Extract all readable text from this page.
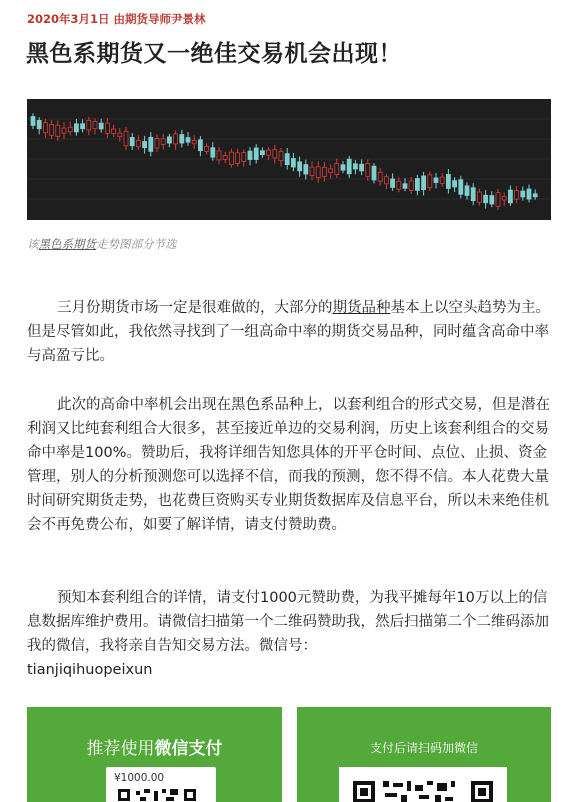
2020年3月1日 由期货导师尹景林
黑色系期货又一绝佳交易机会出现！
该黑色系期货走势图部分节选
三月份期货市场一定是很难做的，大部分的期货品种基本上以空头趋势为主。但是尽管如此，我依然寻找到了一组高命中率的期货交易品种，同时蕴含高命中率与高盈亏比。
此次的高命中率机会出现在黑色系品种上，以套利组合的形式交易，但是潜在利润又比纯套利组合大很多，甚至接近单边的交易利润，历史上该套利组合的交易命中率是100%。赞助后，我将详细告知您具体的开平仓时间、点位、止损、资金管理，别人的分析预测您可以选择不信，而我的预测，您不得不信。本人花费大量时间研究期货走势，也花费巨资购买专业期货数据库及信息平台，所以未来绝佳机会不再免费公布，如要了解详情，请支付赞助费。
预知本套利组合的详情，请支付1000元赞助费，为我平摊每年10万以上的信息数据库维护费用。请微信扫描第一个二维码赞助我，然后扫描第二个二维码添加我的微信，我将亲自告知交易方法。微信号：
tianjiqihuopeixun
推荐使用微信支付
¥1000.00
支付后请扫码加微信
